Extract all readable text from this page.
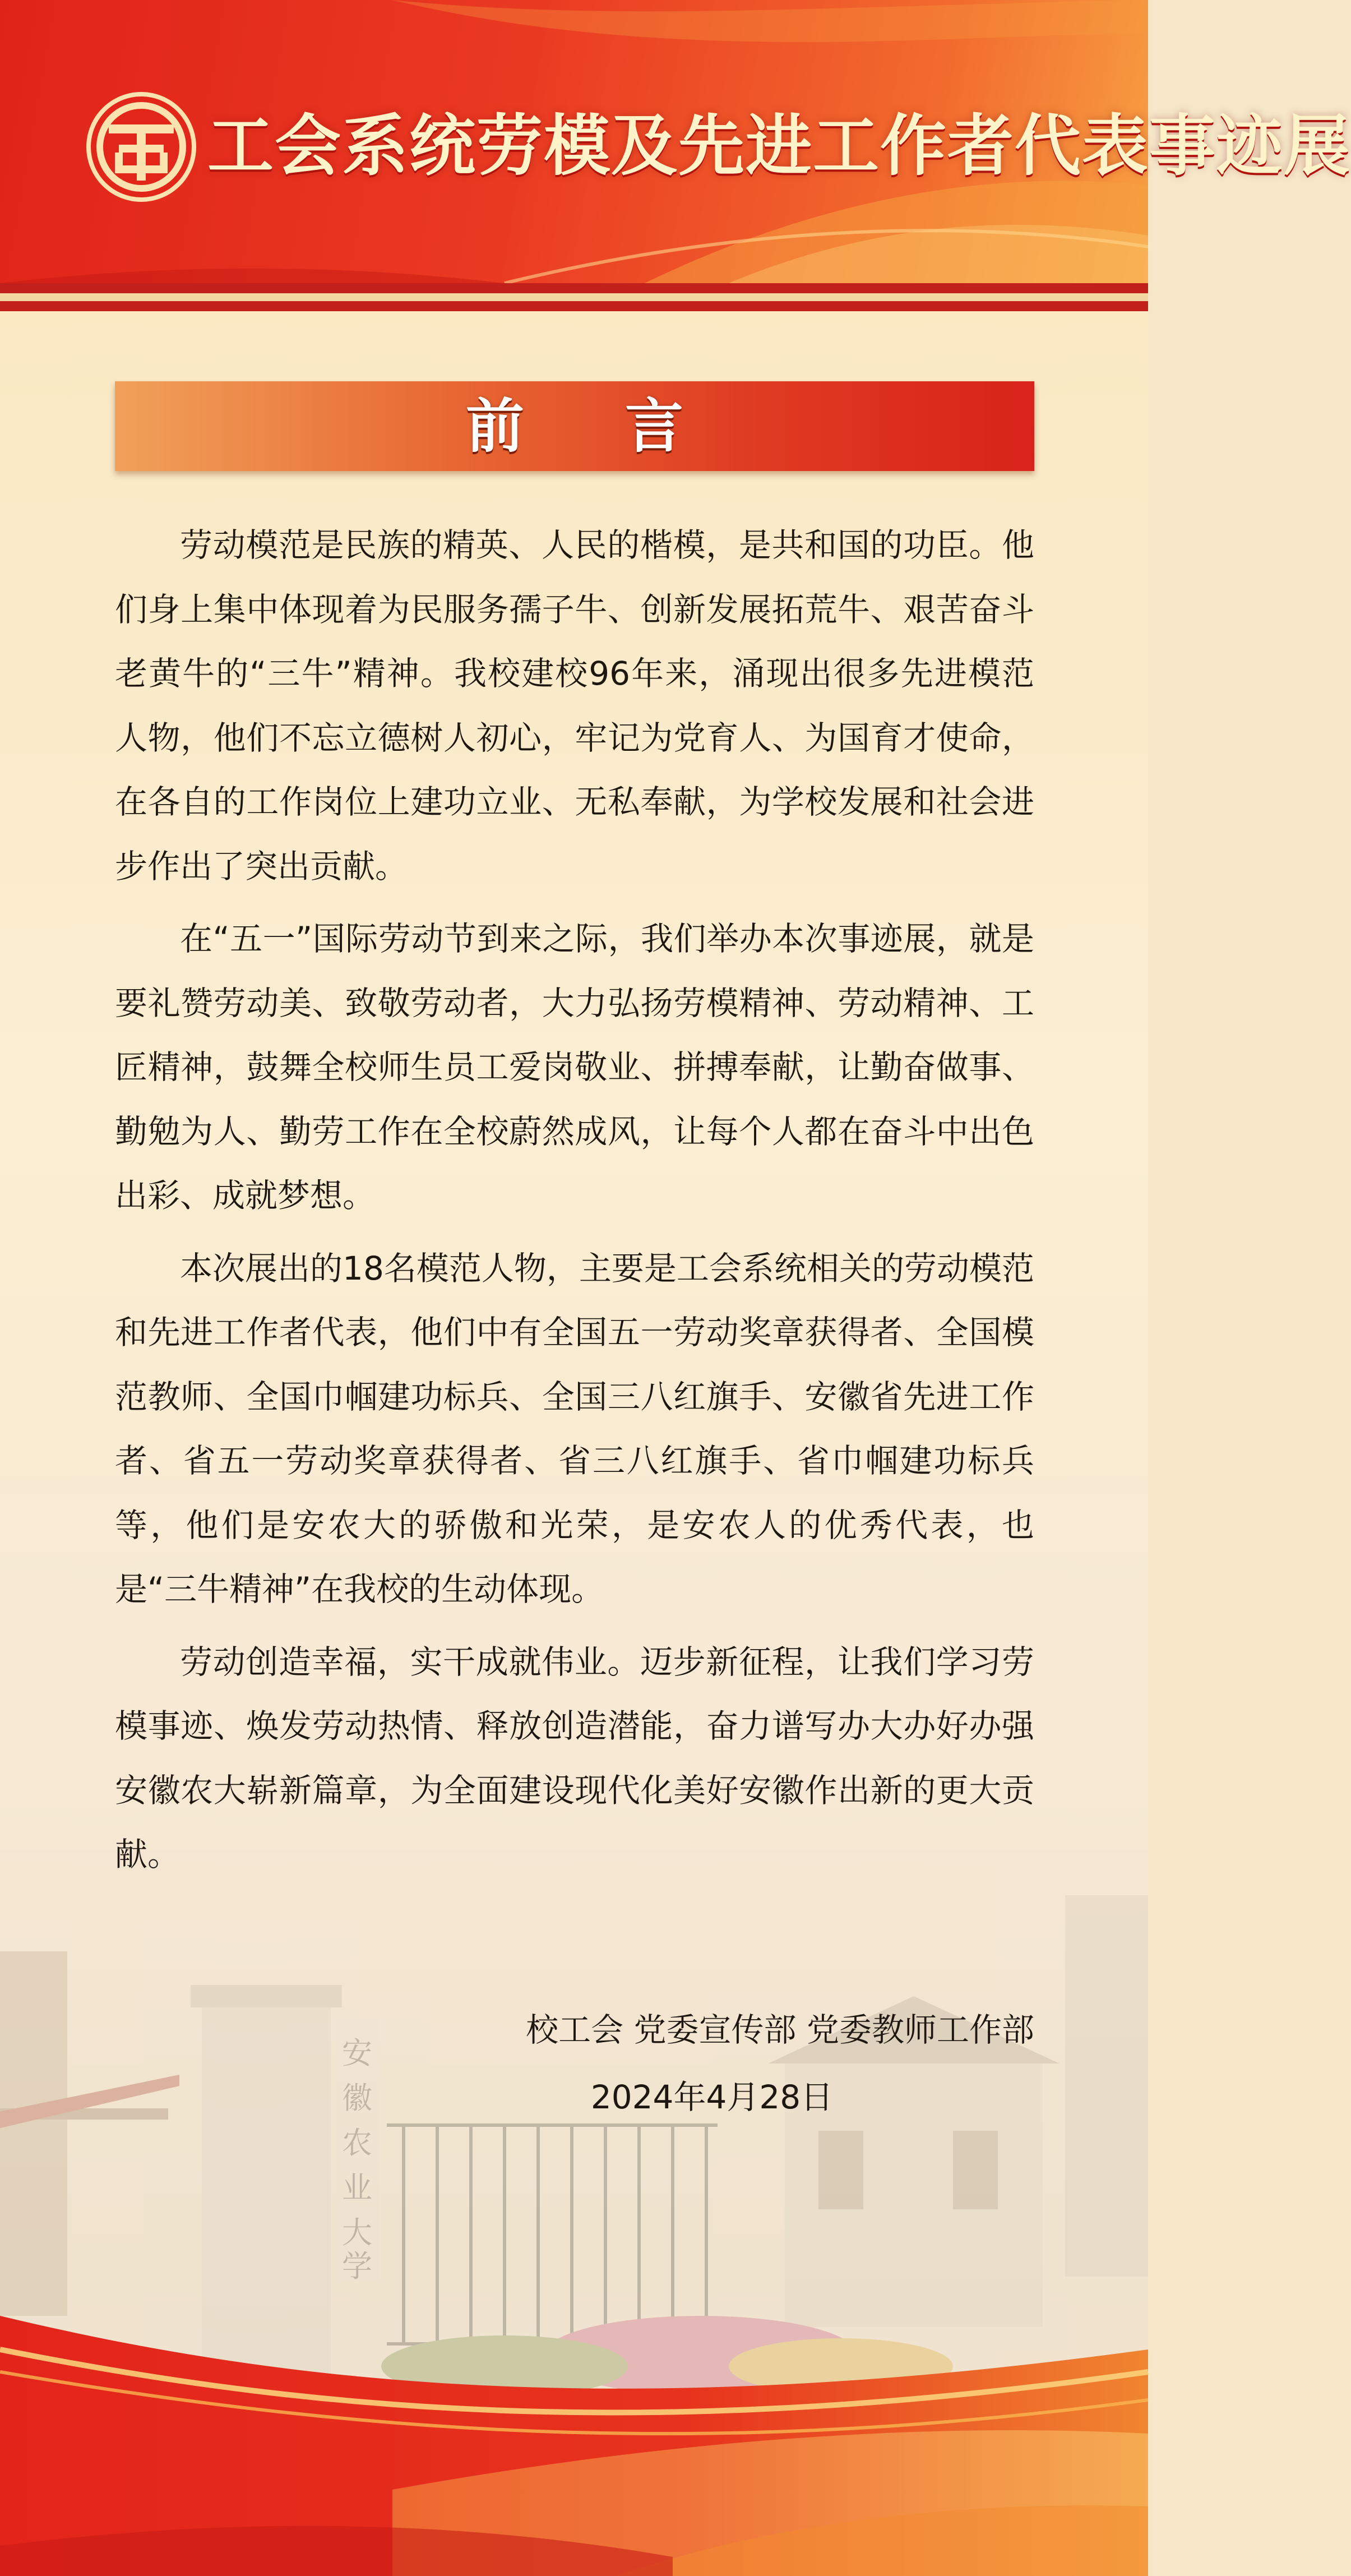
工会系统劳模及先进工作者代表事迹展
安
徽
农
业
大
学
前言

劳动模范是民族的精英、人民的楷模，是共和国的功臣。他们身上集中体现着为民服务孺子牛、创新发展拓荒牛、艰苦奋斗老黄牛的“三牛”精神。我校建校96年来，涌现出很多先进模范人物，他们不忘立德树人初心，牢记为党育人、为国育才使命，在各自的工作岗位上建功立业、无私奉献，为学校发展和社会进步作出了突出贡献。

在“五一”国际劳动节到来之际，我们举办本次事迹展，就是要礼赞劳动美、致敬劳动者，大力弘扬劳模精神、劳动精神、工匠精神，鼓舞全校师生员工爱岗敬业、拼搏奉献，让勤奋做事、勤勉为人、勤劳工作在全校蔚然成风，让每个人都在奋斗中出色出彩、成就梦想。

本次展出的18名模范人物，主要是工会系统相关的劳动模范和先进工作者代表，他们中有全国五一劳动奖章获得者、全国模范教师、全国巾帼建功标兵、全国三八红旗手、安徽省先进工作者、省五一劳动奖章获得者、省三八红旗手、省巾帼建功标兵等，他们是安农大的骄傲和光荣，是安农人的优秀代表，也是“三牛精神”在我校的生动体现。

劳动创造幸福，实干成就伟业。迈步新征程，让我们学习劳模事迹、焕发劳动热情、释放创造潜能，奋力谱写办大办好办强安徽农大崭新篇章，为全面建设现代化美好安徽作出新的更大贡献。

校工会 党委宣传部 党委教师工作部
2024年4月28日
